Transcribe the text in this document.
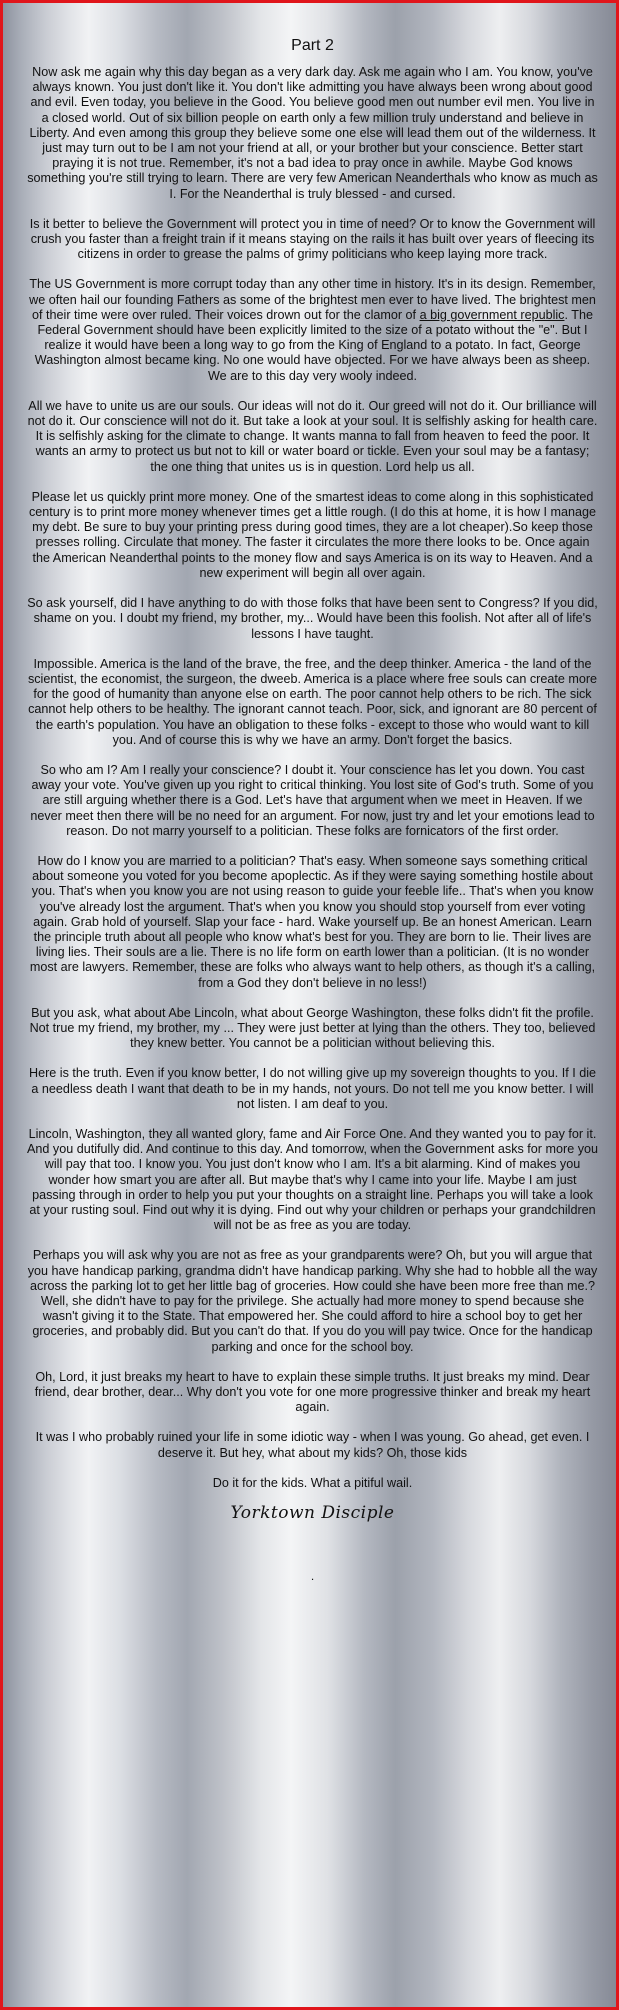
Part 2

Now ask me again why this day began as a very dark day. Ask me again who I am. You know, you've always known. You just don't like it. You don't like admitting you have always been wrong about good and evil. Even today, you believe in the Good. You believe good men out number evil men. You live in a closed world. Out of six billion people on earth only a few million truly understand and believe in Liberty. And even among this group they believe some one else will lead them out of the wilderness. It just may turn out to be I am not your friend at all, or your brother but your conscience. Better start praying it is not true. Remember, it's not a bad idea to pray once in awhile. Maybe God knows something you're still trying to learn. There are very few American Neanderthals who know as much as I. For the Neanderthal is truly blessed - and cursed.

Is it better to believe the Government will protect you in time of need? Or to know the Government will crush you faster than a freight train if it means staying on the rails it has built over years of fleecing its citizens in order to grease the palms of grimy politicians who keep laying more track.

The US Government is more corrupt today than any other time in history. It's in its design. Remember, we often hail our founding Fathers as some of the brightest men ever to have lived. The brightest men of their time were over ruled. Their voices drown out for the clamor of a big government republic. The Federal Government should have been explicitly limited to the size of a potato without the "e". But I realize it would have been a long way to go from the King of England to a potato. In fact, George Washington almost became king. No one would have objected. For we have always been as sheep. We are to this day very wooly indeed.

All we have to unite us are our souls. Our ideas will not do it. Our greed will not do it. Our brilliance will not do it. Our conscience will not do it. But take a look at your soul. It is selfishly asking for health care. It is selfishly asking for the climate to change. It wants manna to fall from heaven to feed the poor. It wants an army to protect us but not to kill or water board or tickle. Even your soul may be a fantasy; the one thing that unites us is in question. Lord help us all.

Please let us quickly print more money. One of the smartest ideas to come along in this sophisticated century is to print more money whenever times get a little rough. (I do this at home, it is how I manage my debt. Be sure to buy your printing press during good times, they are a lot cheaper).So keep those presses rolling. Circulate that money. The faster it circulates the more there looks to be. Once again the American Neanderthal points to the money flow and says America is on its way to Heaven. And a new experiment will begin all over again.

So ask yourself, did I have anything to do with those folks that have been sent to Congress? If you did, shame on you. I doubt my friend, my brother, my... Would have been this foolish. Not after all of life's lessons I have taught.

Impossible. America is the land of the brave, the free, and the deep thinker. America - the land of the scientist, the economist, the surgeon, the dweeb. America is a place where free souls can create more for the good of humanity than anyone else on earth. The poor cannot help others to be rich. The sick cannot help others to be healthy. The ignorant cannot teach. Poor, sick, and ignorant are 80 percent of the earth's population. You have an obligation to these folks - except to those who would want to kill you. And of course this is why we have an army. Don't forget the basics.

So who am I? Am I really your conscience? I doubt it. Your conscience has let you down. You cast away your vote. You've given up you right to critical thinking. You lost site of God's truth. Some of you are still arguing whether there is a God. Let's have that argument when we meet in Heaven. If we never meet then there will be no need for an argument. For now, just try and let your emotions lead to reason. Do not marry yourself to a politician. These folks are fornicators of the first order.

How do I know you are married to a politician? That's easy. When someone says something critical about someone you voted for you become apoplectic. As if they were saying something hostile about you. That's when you know you are not using reason to guide your feeble life.. That's when you know you've already lost the argument. That's when you know you should stop yourself from ever voting again. Grab hold of yourself. Slap your face - hard. Wake yourself up. Be an honest American. Learn the principle truth about all people who know what's best for you. They are born to lie. Their lives are living lies. Their souls are a lie. There is no life form on earth lower than a politician. (It is no wonder most are lawyers. Remember, these are folks who always want to help others, as though it's a calling, from a God they don't believe in no less!)

But you ask, what about Abe Lincoln, what about George Washington, these folks didn't fit the profile. Not true my friend, my brother, my ... They were just better at lying than the others. They too, believed they knew better. You cannot be a politician without believing this.

Here is the truth. Even if you know better, I do not willing give up my sovereign thoughts to you. If I die a needless death I want that death to be in my hands, not yours. Do not tell me you know better. I will not listen. I am deaf to you.

Lincoln, Washington, they all wanted glory, fame and Air Force One. And they wanted you to pay for it. And you dutifully did. And continue to this day. And tomorrow, when the Government asks for more you will pay that too. I know you. You just don't know who I am. It's a bit alarming. Kind of makes you wonder how smart you are after all. But maybe that's why I came into your life. Maybe I am just passing through in order to help you put your thoughts on a straight line. Perhaps you will take a look at your rusting soul. Find out why it is dying. Find out why your children or perhaps your grandchildren will not be as free as you are today.

Perhaps you will ask why you are not as free as your grandparents were? Oh, but you will argue that you have handicap parking, grandma didn't have handicap parking. Why she had to hobble all the way across the parking lot to get her little bag of groceries. How could she have been more free than me.? Well, she didn't have to pay for the privilege. She actually had more money to spend because she wasn't giving it to the State. That empowered her. She could afford to hire a school boy to get her groceries, and probably did. But you can't do that. If you do you will pay twice. Once for the handicap parking and once for the school boy.

Oh, Lord, it just breaks my heart to have to explain these simple truths. It just breaks my mind. Dear friend, dear brother, dear... Why don't you vote for one more progressive thinker and break my heart again.

It was I who probably ruined your life in some idiotic way - when I was young. Go ahead, get even. I deserve it. But hey, what about my kids? Oh, those kids

Do it for the kids. What a pitiful wail.

Yorktown Disciple
.
